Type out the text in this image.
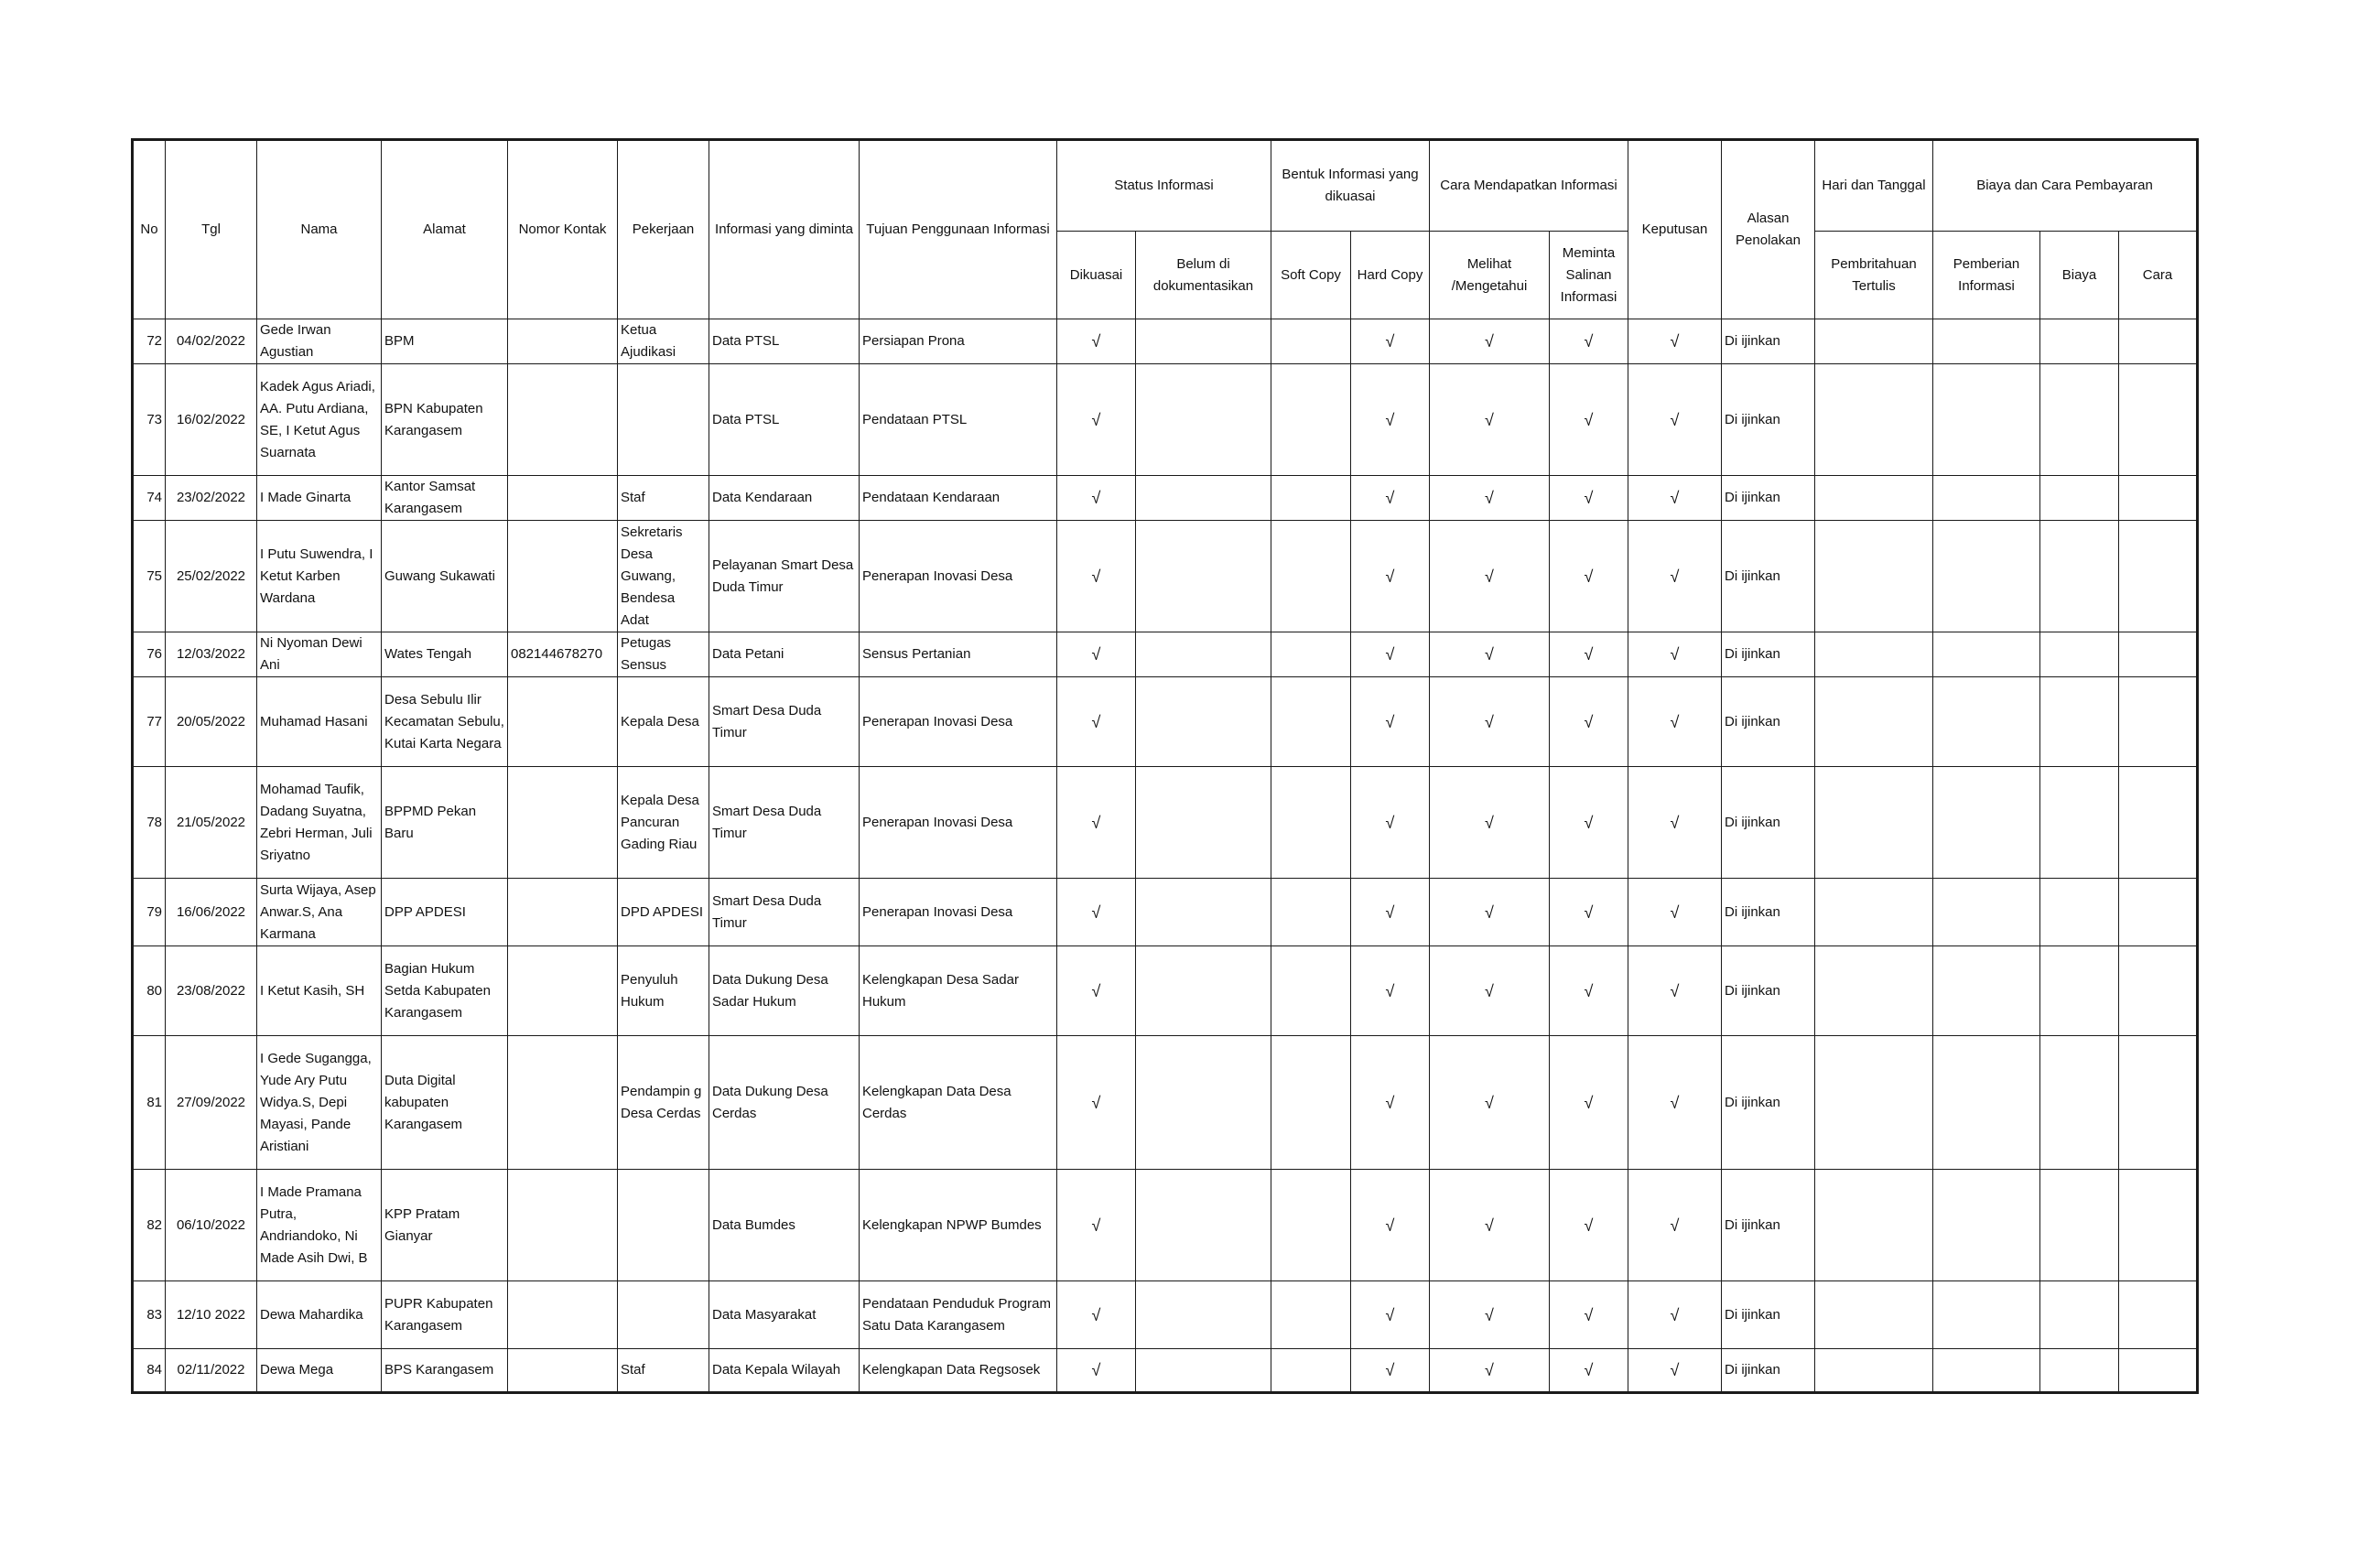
No	Tgl	Nama	Alamat	Nomor Kontak	Pekerjaan	Informasi yang diminta	Tujuan Penggunaan Informasi	Status Informasi		Bentuk Informasi yang dikuasai		Cara Mendapatkan Informasi		Keputusan	Alasan Penolakan	Hari dan Tanggal	Biaya dan Cara Pembayaran		
								Dikuasai	Belum di dokumentasikan	Soft Copy	Hard Copy	Melihat /Mengetahui	Meminta Salinan Informasi			Pembritahuan Tertulis	Pemberian Informasi	Biaya	Cara
72	04/02/2022	Gede Irwan Agustian	BPM		Ketua Ajudikasi	Data PTSL	Persiapan Prona	√			√	√	√	√	Di ijinkan				
73	16/02/2022	Kadek Agus Ariadi, AA. Putu Ardiana, SE, I Ketut Agus Suarnata	BPN Kabupaten Karangasem			Data PTSL	Pendataan PTSL	√			√	√	√	√	Di ijinkan				
74	23/02/2022	I Made Ginarta	Kantor Samsat Karangasem		Staf	Data Kendaraan	Pendataan Kendaraan	√			√	√	√	√	Di ijinkan				
75	25/02/2022	I Putu Suwendra, I Ketut Karben Wardana	Guwang Sukawati		Sekretaris Desa Guwang, Bendesa Adat	Pelayanan Smart Desa Duda Timur	Penerapan Inovasi Desa	√			√	√	√	√	Di ijinkan				
76	12/03/2022	Ni Nyoman Dewi Ani	Wates Tengah	082144678270	Petugas Sensus	Data Petani	Sensus Pertanian	√			√	√	√	√	Di ijinkan				
77	20/05/2022	Muhamad Hasani	Desa Sebulu Ilir Kecamatan Sebulu, Kutai Karta Negara		Kepala Desa	Smart Desa Duda Timur	Penerapan Inovasi Desa	√			√	√	√	√	Di ijinkan				
78	21/05/2022	Mohamad Taufik, Dadang Suyatna, Zebri Herman, Juli Sriyatno	BPPMD Pekan Baru		Kepala Desa Pancuran Gading Riau	Smart Desa Duda Timur	Penerapan Inovasi Desa	√			√	√	√	√	Di ijinkan				
79	16/06/2022	Surta Wijaya, Asep Anwar.S, Ana Karmana	DPP APDESI		DPD APDESI	Smart Desa Duda Timur	Penerapan Inovasi Desa	√			√	√	√	√	Di ijinkan				
80	23/08/2022	I Ketut Kasih, SH	Bagian Hukum Setda Kabupaten Karangasem		Penyuluh Hukum	Data Dukung Desa Sadar Hukum	Kelengkapan Desa Sadar Hukum	√			√	√	√	√	Di ijinkan				
81	27/09/2022	I Gede Sugangga, Yude Ary Putu Widya.S, Depi Mayasi, Pande Aristiani	Duta Digital kabupaten Karangasem		Pendampin g Desa Cerdas	Data Dukung Desa Cerdas	Kelengkapan Data Desa Cerdas	√			√	√	√	√	Di ijinkan				
82	06/10/2022	I Made Pramana Putra, Andriandoko, Ni Made Asih Dwi, B	KPP Pratam Gianyar			Data Bumdes	Kelengkapan NPWP Bumdes	√			√	√	√	√	Di ijinkan				
83	12/10 2022	Dewa Mahardika	PUPR Kabupaten Karangasem			Data Masyarakat	Pendataan Penduduk Program Satu Data Karangasem	√			√	√	√	√	Di ijinkan				
84	02/11/2022	Dewa Mega	BPS Karangasem		Staf	Data Kepala Wilayah	Kelengkapan Data Regsosek	√			√	√	√	√	Di ijinkan				
